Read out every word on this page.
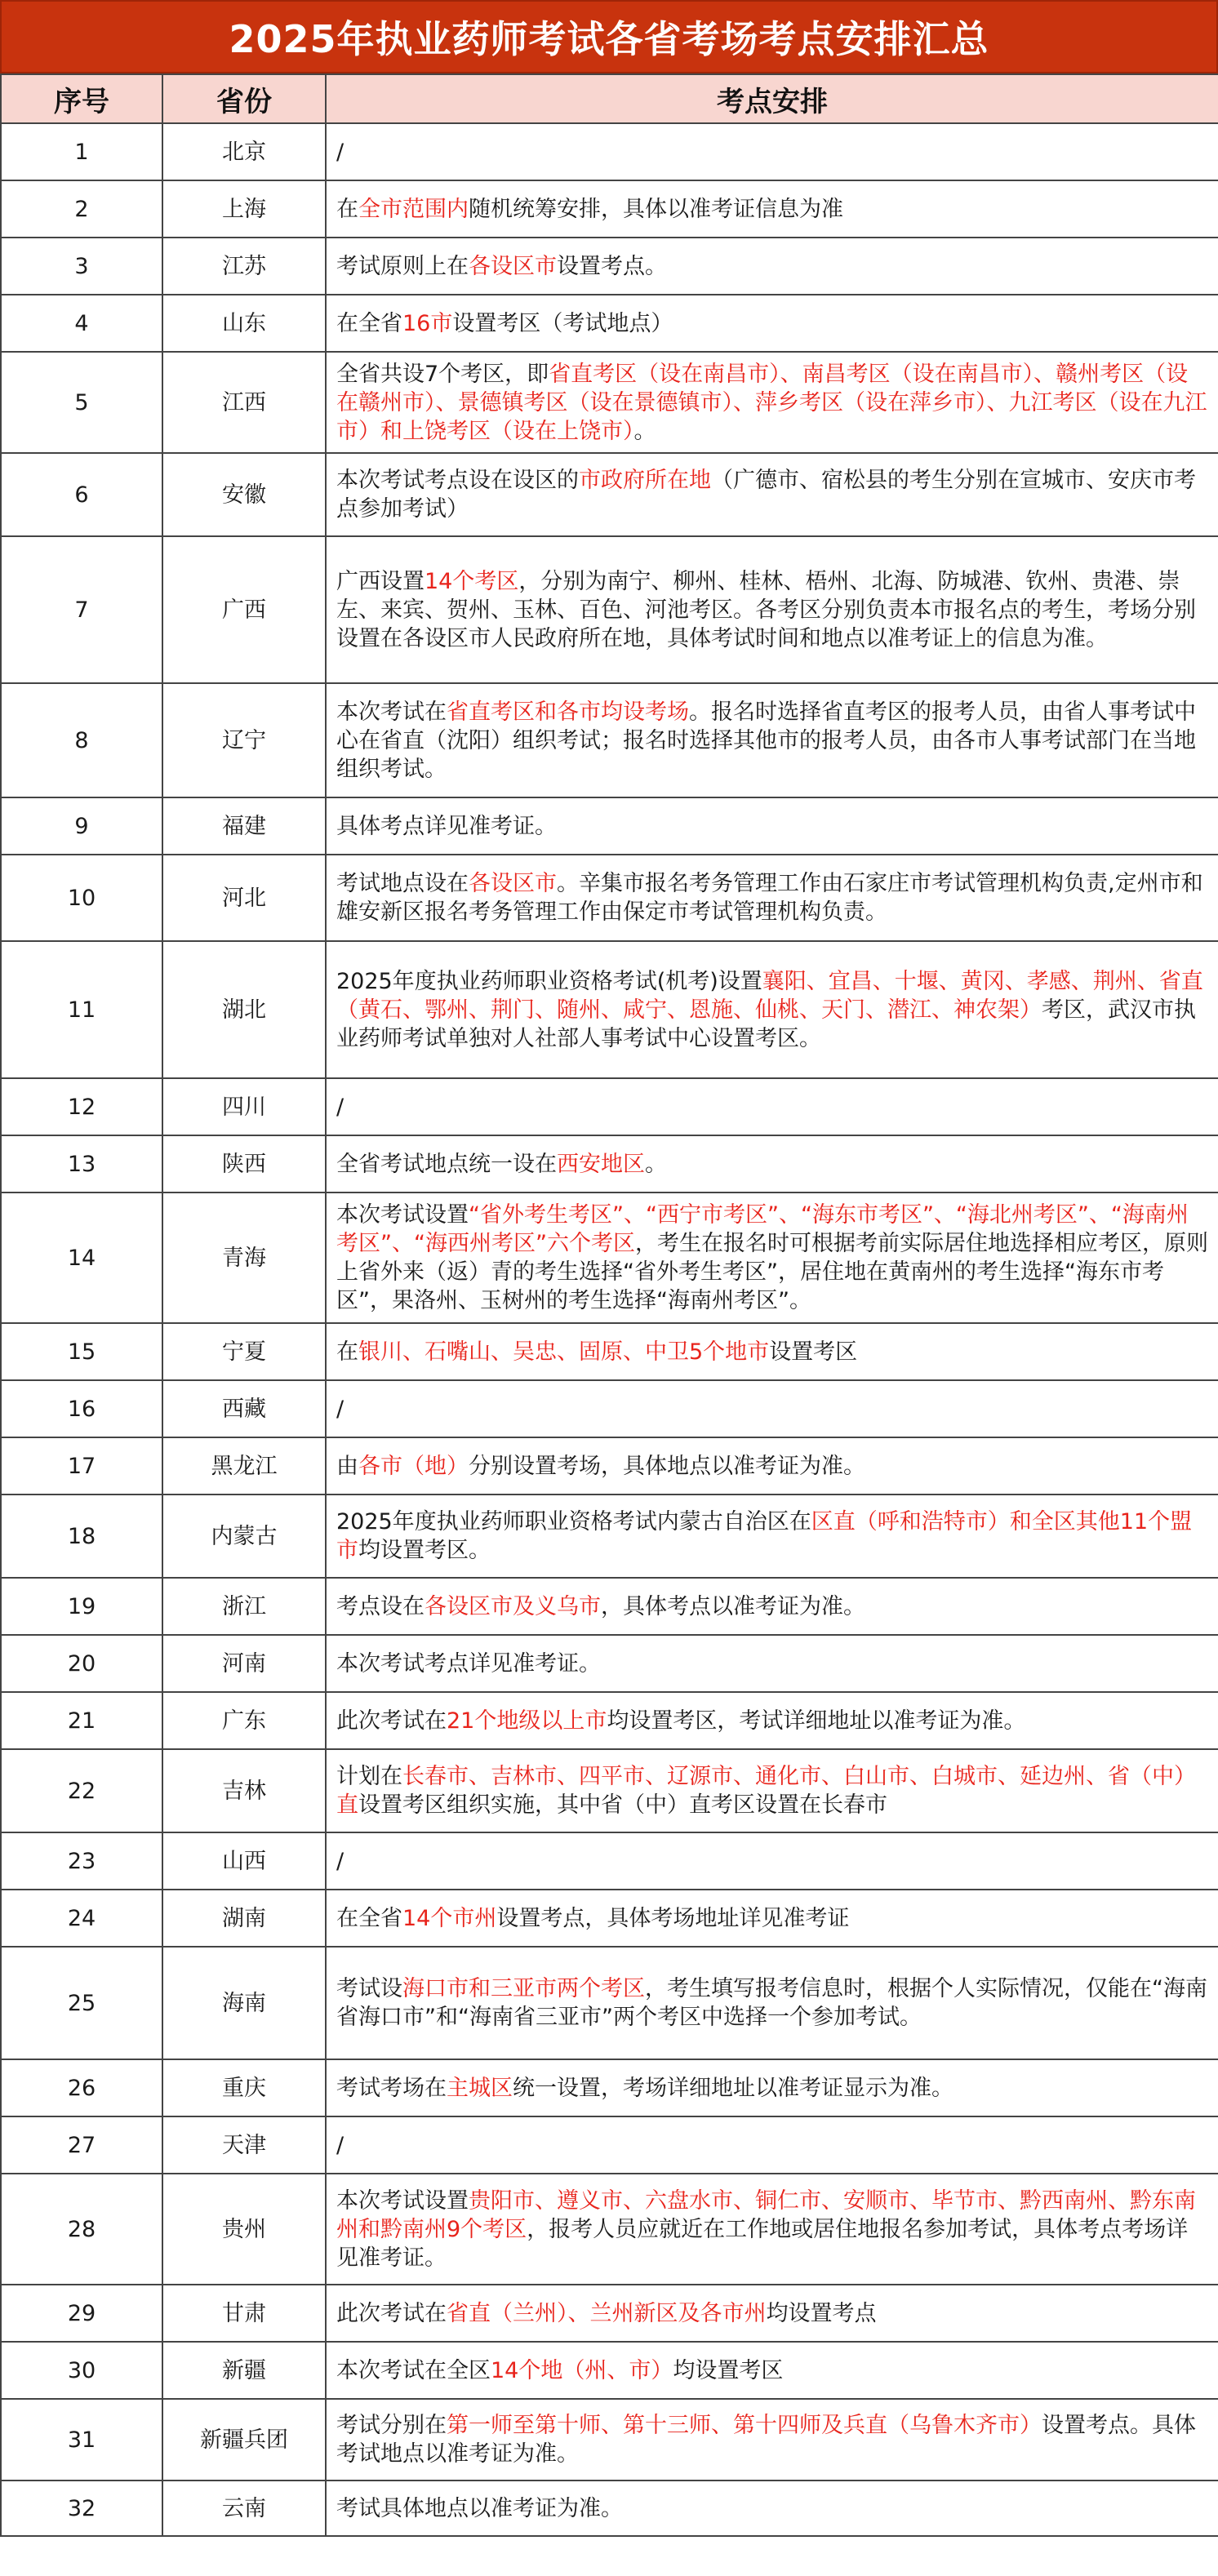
2025年执业药师考试各省考场考点安排汇总
序号	省份	考点安排
1	北京	/
2	上海	在全市范围内随机统筹安排，具体以准考证信息为准
3	江苏	考试原则上在各设区市设置考点。
4	山东	在全省16市设置考区（考试地点）
5	江西	全省共设7个考区，即省直考区（设在南昌市）、南昌考区（设在南昌市）、赣州考区（设在赣州市）、景德镇考区（设在景德镇市）、萍乡考区（设在萍乡市）、九江考区（设在九江市）和上饶考区（设在上饶市）。
6	安徽	本次考试考点设在设区的市政府所在地（广德市、宿松县的考生分别在宣城市、安庆市考点参加考试）
7	广西	广西设置14个考区，分别为南宁、柳州、桂林、梧州、北海、防城港、钦州、贵港、崇左、来宾、贺州、玉林、百色、河池考区。各考区分别负责本市报名点的考生，考场分别设置在各设区市人民政府所在地，具体考试时间和地点以准考证上的信息为准。
8	辽宁	本次考试在省直考区和各市均设考场。报名时选择省直考区的报考人员，由省人事考试中心在省直（沈阳）组织考试；报名时选择其他市的报考人员，由各市人事考试部门在当地组织考试。
9	福建	具体考点详见准考证。
10	河北	考试地点设在各设区市。辛集市报名考务管理工作由石家庄市考试管理机构负责,定州市和雄安新区报名考务管理工作由保定市考试管理机构负责。
11	湖北	2025年度执业药师职业资格考试(机考)设置襄阳、宜昌、十堰、黄冈、孝感、荆州、省直（黄石、鄂州、荆门、随州、咸宁、恩施、仙桃、天门、潜江、神农架）考区，武汉市执业药师考试单独对人社部人事考试中心设置考区。
12	四川	/
13	陕西	全省考试地点统一设在西安地区。
14	青海	本次考试设置“省外考生考区”、“西宁市考区”、“海东市考区”、“海北州考区”、“海南州考区”、“海西州考区”六个考区，考生在报名时可根据考前实际居住地选择相应考区，原则上省外来（返）青的考生选择“省外考生考区”，居住地在黄南州的考生选择“海东市考区”，果洛州、玉树州的考生选择“海南州考区”。
15	宁夏	在银川、石嘴山、吴忠、固原、中卫5个地市设置考区
16	西藏	/
17	黑龙江	由各市（地）分别设置考场，具体地点以准考证为准。
18	内蒙古	2025年度执业药师职业资格考试内蒙古自治区在区直（呼和浩特市）和全区其他11个盟市均设置考区。
19	浙江	考点设在各设区市及义乌市，具体考点以准考证为准。
20	河南	本次考试考点详见准考证。
21	广东	此次考试在21个地级以上市均设置考区，考试详细地址以准考证为准。
22	吉林	计划在长春市、吉林市、四平市、辽源市、通化市、白山市、白城市、延边州、省（中）直设置考区组织实施，其中省（中）直考区设置在长春市
23	山西	/
24	湖南	在全省14个市州设置考点，具体考场地址详见准考证
25	海南	考试设海口市和三亚市两个考区，考生填写报考信息时，根据个人实际情况，仅能在“海南省海口市”和“海南省三亚市”两个考区中选择一个参加考试。
26	重庆	考试考场在主城区统一设置，考场详细地址以准考证显示为准。
27	天津	/
28	贵州	本次考试设置贵阳市、遵义市、六盘水市、铜仁市、安顺市、毕节市、黔西南州、黔东南州和黔南州9个考区，报考人员应就近在工作地或居住地报名参加考试，具体考点考场详见准考证。
29	甘肃	此次考试在省直（兰州）、兰州新区及各市州均设置考点
30	新疆	本次考试在全区14个地（州、市）均设置考区
31	新疆兵团	考试分别在第一师至第十师、第十三师、第十四师及兵直（乌鲁木齐市）设置考点。具体考试地点以准考证为准。
32	云南	考试具体地点以准考证为准。
